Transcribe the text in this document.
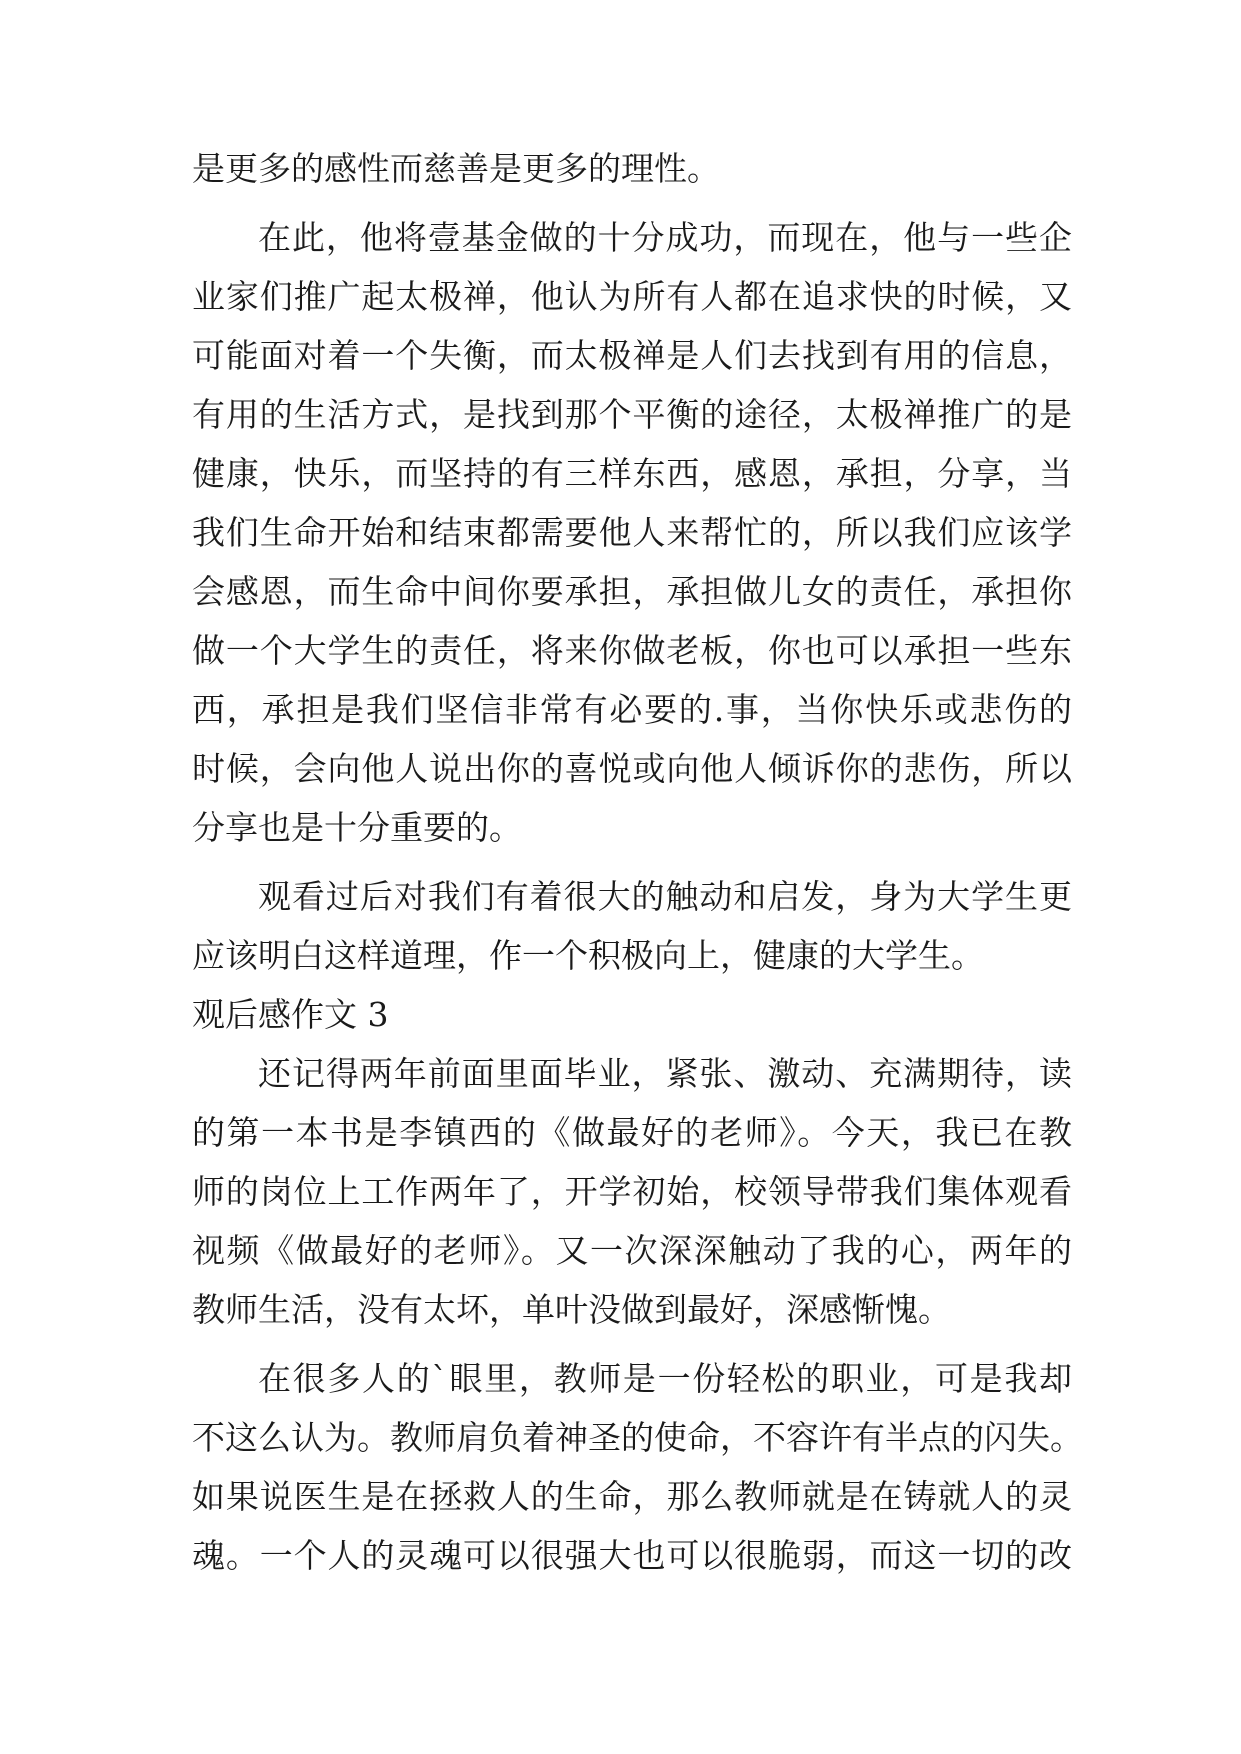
是更多的感性而慈善是更多的理性。
在此，他将壹基金做的十分成功，而现在，他与一些企
业家们推广起太极禅，他认为所有人都在追求快的时候，又
可能面对着一个失衡，而太极禅是人们去找到有用的信息，
有用的生活方式，是找到那个平衡的途径，太极禅推广的是
健康，快乐，而坚持的有三样东西，感恩，承担，分享，当
我们生命开始和结束都需要他人来帮忙的，所以我们应该学
会感恩，而生命中间你要承担，承担做儿女的责任，承担你
做一个大学生的责任，将来你做老板，你也可以承担一些东
西，承担是我们坚信非常有必要的.事，当你快乐或悲伤的
时候，会向他人说出你的喜悦或向他人倾诉你的悲伤，所以
分享也是十分重要的。
观看过后对我们有着很大的触动和启发，身为大学生更
应该明白这样道理，作一个积极向上，健康的大学生。
观后感作文 3
还记得两年前面里面毕业，紧张、激动、充满期待，读
的第一本书是李镇西的《做最好的老师》。今天，我已在教
师的岗位上工作两年了，开学初始，校领导带我们集体观看
视频《做最好的老师》。又一次深深触动了我的心，两年的
教师生活，没有太坏，单叶没做到最好，深感惭愧。
在很多人的`眼里，教师是一份轻松的职业，可是我却
不这么认为。教师肩负着神圣的使命，不容许有半点的闪失。
如果说医生是在拯救人的生命，那么教师就是在铸就人的灵
魂。一个人的灵魂可以很强大也可以很脆弱，而这一切的改
